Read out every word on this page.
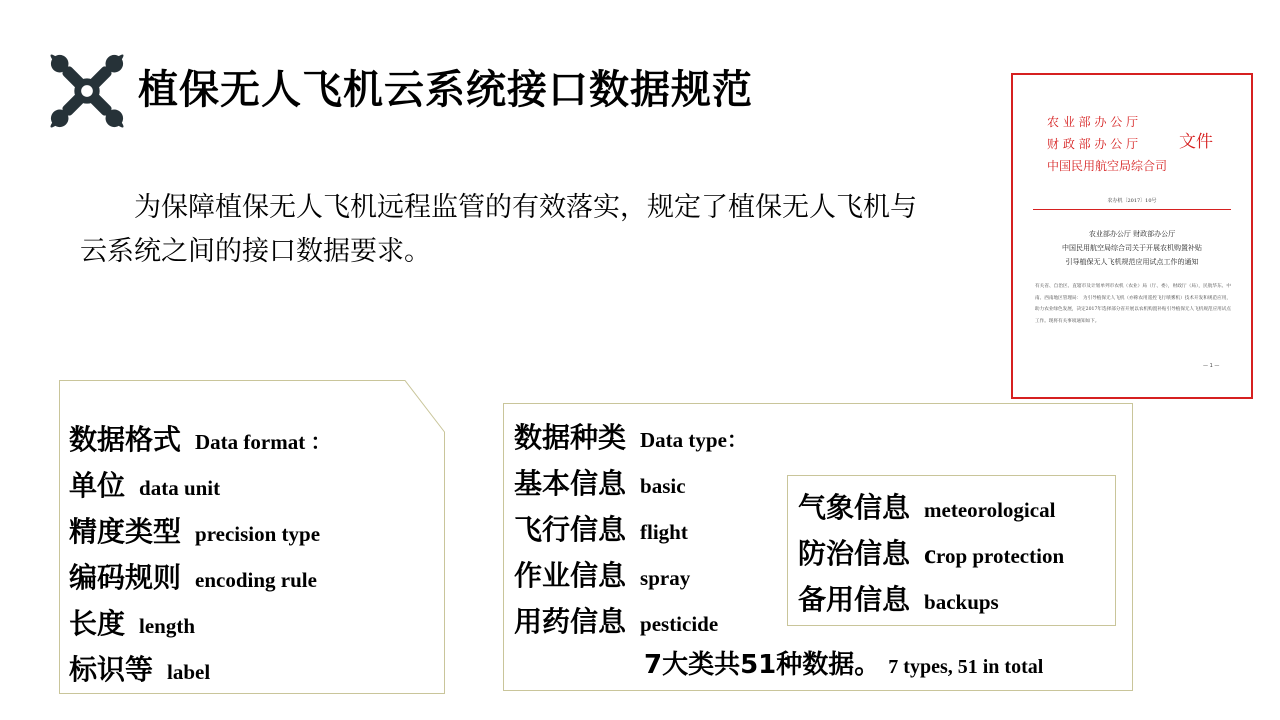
植保无人飞机云系统接口数据规范

为保障植保无人飞机远程监管的有效落实，规定了植保无人飞机与云系统之间的接口数据要求。

农 业 部 办 公 厅
财 政 部 办 公 厅
中国民用航空局综合司
文件
农办机〔2017〕10号
农业部办公厅 财政部办公厅
中国民用航空局综合司关于开展农机购置补贴
引导植保无人飞机规范应用试点工作的通知
有关省、自治区、直辖市及计划单列市农机（农业）局（厅、委），财政厅（局），民航华东、中南、西南地区管理局： 为引导植保无人飞机（亦称农用遥控飞行喷雾机）技术开发和规范应用，助力农业绿色发展，决定2017年选择部分省开展以农机购置补贴引导植保无人飞机规范应用试点工作。现将有关事项通知如下。
— 1 —
数据格式 Data format ：
单位 data unit
精度类型 precision type
编码规则 encoding rule
长度 length
标识等 label
数据种类 Data type：
基本信息 basic
飞行信息 flight
作业信息 spray
用药信息 pesticide
气象信息 meteorological
防治信息 crop protection
备用信息 backups
7大类共51种数据。 7 types, 51 in total
